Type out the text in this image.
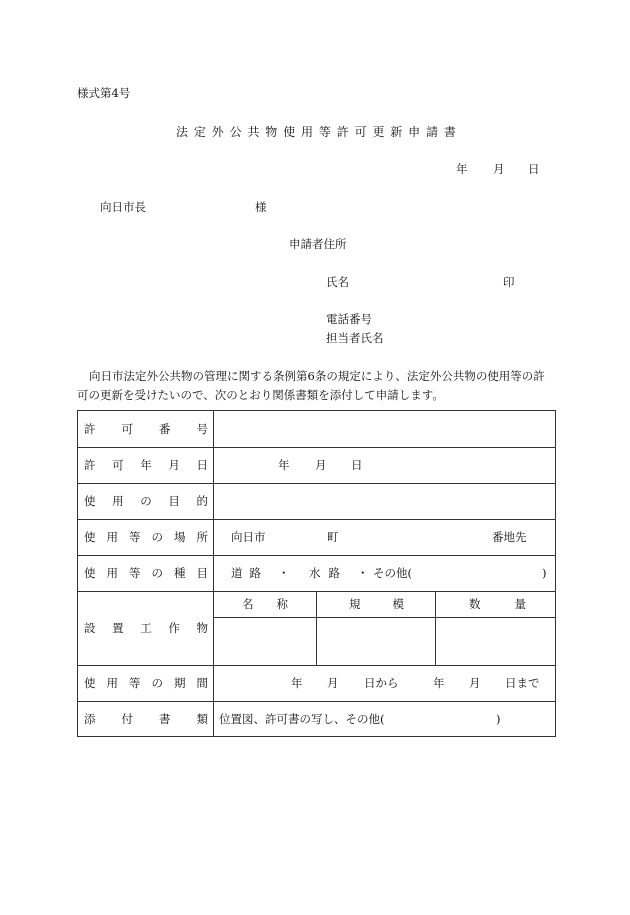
様式第4号
法 定 外 公 共 物 使 用 等 許 可 更 新 申 請 書
年 月 日
向日市長	様
申請者住所
氏名	印
電話番号
担当者氏名
向日市法定外公共物の管理に関する条例第6条の規定により、法定外公共物の使用等の許
可の更新を受けたいので、次のとおり関係書類を添付して申請します。
許 可 番 号
許 可 年 月 日	年 月 日
使 用 の 目 的
使 用 等 の 場 所 向日市	町	番地先
使 用 等 の 種 目 道 路 ・ 水 路 ・ その他(	)
設 置 工 作 物
名 称	規	模	数	量
使 用 等 の 期 間	年 月 日から	年 月 日まで
添 付 書 類 位置図、許可書の写し、その他(	)
